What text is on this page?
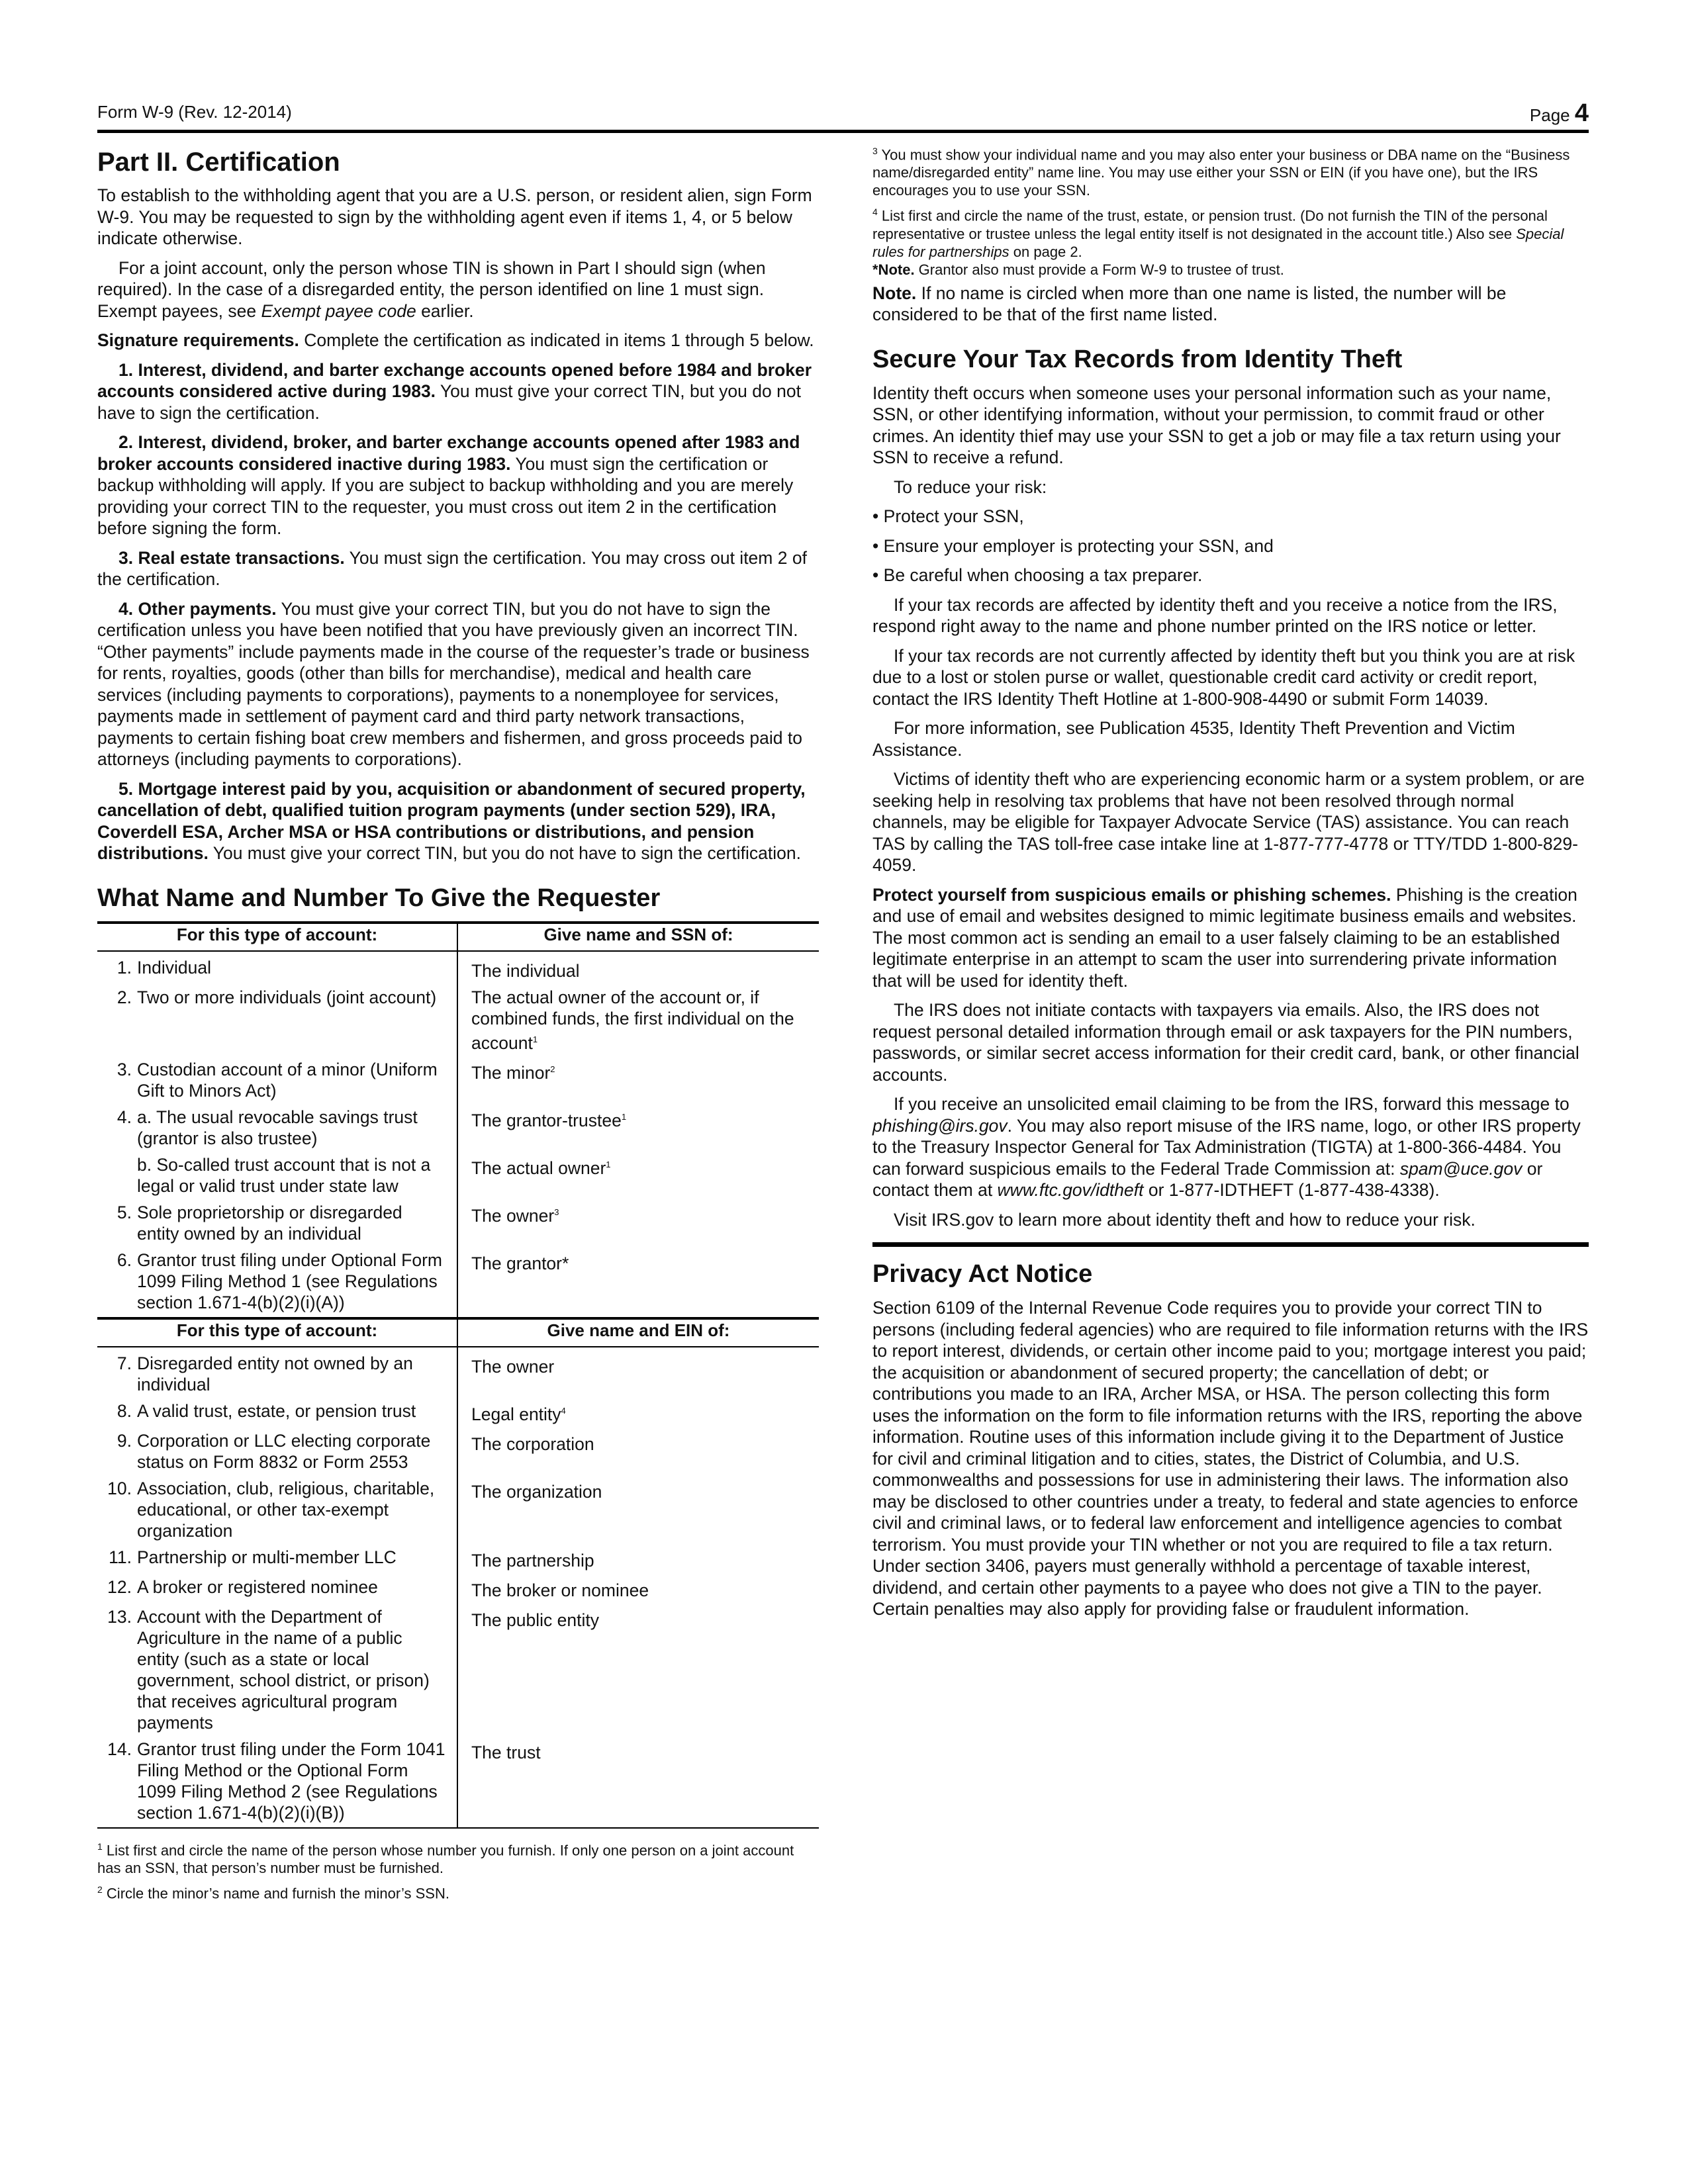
Form W-9 (Rev. 12-2014)	Page 4

Part II. Certification

To establish to the withholding agent that you are a U.S. person, or resident alien, sign Form W-9. You may be requested to sign by the withholding agent even if items 1, 4, or 5 below indicate otherwise.

For a joint account, only the person whose TIN is shown in Part I should sign (when required). In the case of a disregarded entity, the person identified on line 1 must sign. Exempt payees, see Exempt payee code earlier.

Signature requirements. Complete the certification as indicated in items 1 through 5 below.

1. Interest, dividend, and barter exchange accounts opened before 1984 and broker accounts considered active during 1983. You must give your correct TIN, but you do not have to sign the certification.

2. Interest, dividend, broker, and barter exchange accounts opened after 1983 and broker accounts considered inactive during 1983. You must sign the certification or backup withholding will apply. If you are subject to backup withholding and you are merely providing your correct TIN to the requester, you must cross out item 2 in the certification before signing the form.

3. Real estate transactions. You must sign the certification. You may cross out item 2 of the certification.

4. Other payments. You must give your correct TIN, but you do not have to sign the certification unless you have been notified that you have previously given an incorrect TIN. “Other payments” include payments made in the course of the requester’s trade or business for rents, royalties, goods (other than bills for merchandise), medical and health care services (including payments to corporations), payments to a nonemployee for services, payments made in settlement of payment card and third party network transactions, payments to certain fishing boat crew members and fishermen, and gross proceeds paid to attorneys (including payments to corporations).

5. Mortgage interest paid by you, acquisition or abandonment of secured property, cancellation of debt, qualified tuition program payments (under section 529), IRA, Coverdell ESA, Archer MSA or HSA contributions or distributions, and pension distributions. You must give your correct TIN, but you do not have to sign the certification.

What Name and Number To Give the Requester

For this type of account:	Give name and SSN of:

1. Individual	The individual

2. Two or more individuals (joint account)	The actual owner of the account or, if combined funds, the first individual on the account$^1$

3. Custodian account of a minor (Uniform Gift to Minors Act)	The minor$^2$

4. a. The usual revocable savings trust (grantor is also trustee)	The grantor-trustee$^1$

b. So-called trust account that is not a legal or valid trust under state law	The actual owner$^1$

5. Sole proprietorship or disregarded entity owned by an individual	The owner$^3$

6. Grantor trust filing under Optional Form 1099 Filing Method 1 (see Regulations section 1.671-4(b)(2)(i)(A))	The grantor*

For this type of account:	Give name and EIN of:

7. Disregarded entity not owned by an individual	The owner

8. A valid trust, estate, or pension trust	Legal entity$^4$

9. Corporation or LLC electing corporate status on Form 8832 or Form 2553	The corporation

10. Association, club, religious, charitable, educational, or other tax-exempt organization	The organization

11. Partnership or multi-member LLC	The partnership

12. A broker or registered nominee	The broker or nominee

13. Account with the Department of Agriculture in the name of a public entity (such as a state or local government, school district, or prison) that receives agricultural program payments	The public entity

14. Grantor trust filing under the Form 1041 Filing Method or the Optional Form 1099 Filing Method 2 (see Regulations section 1.671-4(b)(2)(i)(B))	The trust

$^1$ List first and circle the name of the person whose number you furnish. If only one person on a joint account has an SSN, that person’s number must be furnished.

$^2$ Circle the minor’s name and furnish the minor’s SSN.

$^3$ You must show your individual name and you may also enter your business or DBA name on the “Business name/disregarded entity” name line. You may use either your SSN or EIN (if you have one), but the IRS encourages you to use your SSN.

$^4$ List first and circle the name of the trust, estate, or pension trust. (Do not furnish the TIN of the personal representative or trustee unless the legal entity itself is not designated in the account title.) Also see Special rules for partnerships on page 2.

*Note. Grantor also must provide a Form W-9 to trustee of trust.

Note. If no name is circled when more than one name is listed, the number will be considered to be that of the first name listed.

Secure Your Tax Records from Identity Theft

Identity theft occurs when someone uses your personal information such as your name, SSN, or other identifying information, without your permission, to commit fraud or other crimes. An identity thief may use your SSN to get a job or may file a tax return using your SSN to receive a refund.

To reduce your risk:

• Protect your SSN,

• Ensure your employer is protecting your SSN, and

• Be careful when choosing a tax preparer.

If your tax records are affected by identity theft and you receive a notice from the IRS, respond right away to the name and phone number printed on the IRS notice or letter.

If your tax records are not currently affected by identity theft but you think you are at risk due to a lost or stolen purse or wallet, questionable credit card activity or credit report, contact the IRS Identity Theft Hotline at 1-800-908-4490 or submit Form 14039.

For more information, see Publication 4535, Identity Theft Prevention and Victim Assistance.

Victims of identity theft who are experiencing economic harm or a system problem, or are seeking help in resolving tax problems that have not been resolved through normal channels, may be eligible for Taxpayer Advocate Service (TAS) assistance. You can reach TAS by calling the TAS toll-free case intake line at 1-877-777-4778 or TTY/TDD 1-800-829-4059.

Protect yourself from suspicious emails or phishing schemes. Phishing is the creation and use of email and websites designed to mimic legitimate business emails and websites. The most common act is sending an email to a user falsely claiming to be an established legitimate enterprise in an attempt to scam the user into surrendering private information that will be used for identity theft.

The IRS does not initiate contacts with taxpayers via emails. Also, the IRS does not request personal detailed information through email or ask taxpayers for the PIN numbers, passwords, or similar secret access information for their credit card, bank, or other financial accounts.

If you receive an unsolicited email claiming to be from the IRS, forward this message to phishing@irs.gov. You may also report misuse of the IRS name, logo, or other IRS property to the Treasury Inspector General for Tax Administration (TIGTA) at 1-800-366-4484. You can forward suspicious emails to the Federal Trade Commission at: spam@uce.gov or contact them at www.ftc.gov/idtheft or 1-877-IDTHEFT (1-877-438-4338).

Visit IRS.gov to learn more about identity theft and how to reduce your risk.

Privacy Act Notice

Section 6109 of the Internal Revenue Code requires you to provide your correct TIN to persons (including federal agencies) who are required to file information returns with the IRS to report interest, dividends, or certain other income paid to you; mortgage interest you paid; the acquisition or abandonment of secured property; the cancellation of debt; or contributions you made to an IRA, Archer MSA, or HSA. The person collecting this form uses the information on the form to file information returns with the IRS, reporting the above information. Routine uses of this information include giving it to the Department of Justice for civil and criminal litigation and to cities, states, the District of Columbia, and U.S. commonwealths and possessions for use in administering their laws. The information also may be disclosed to other countries under a treaty, to federal and state agencies to enforce civil and criminal laws, or to federal law enforcement and intelligence agencies to combat terrorism. You must provide your TIN whether or not you are required to file a tax return. Under section 3406, payers must generally withhold a percentage of taxable interest, dividend, and certain other payments to a payee who does not give a TIN to the payer. Certain penalties may also apply for providing false or fraudulent information.
